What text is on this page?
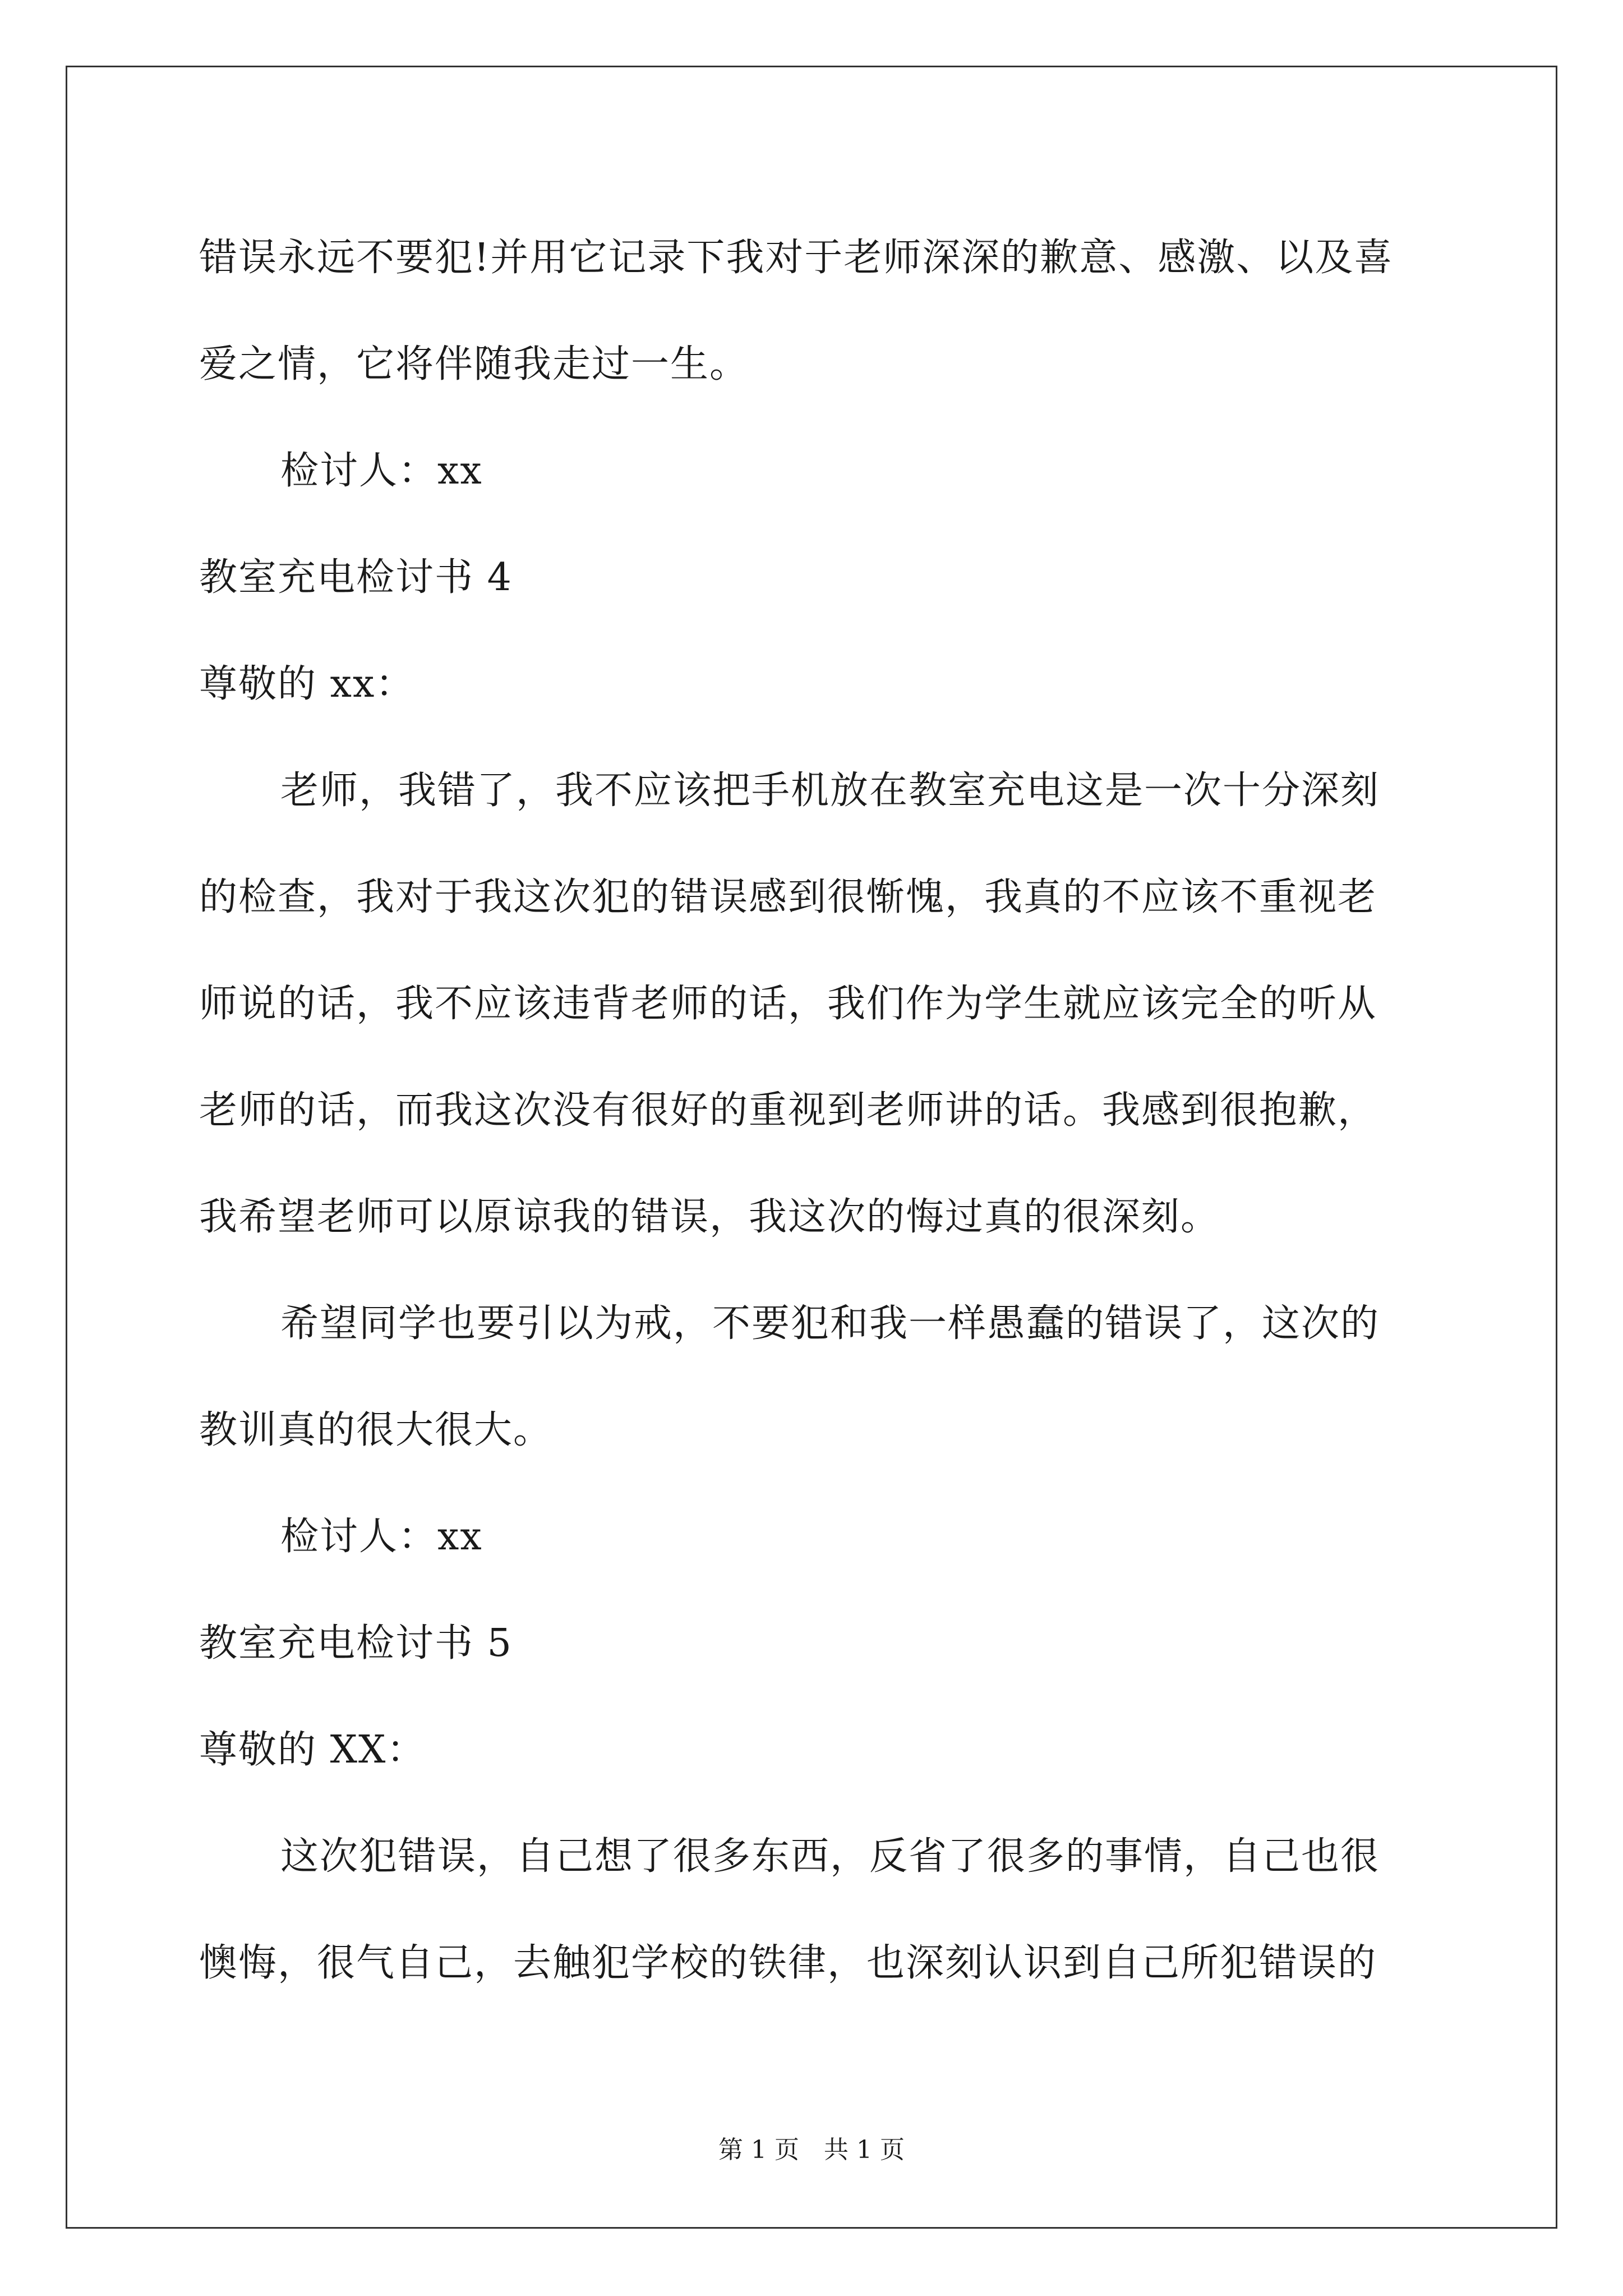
错误永远不要犯!并用它记录下我对于老师深深的歉意、感激、以及喜
爱之情，它将伴随我走过一生。
检讨人：xx
教室充电检讨书 4
尊敬的 xx：
老师，我错了，我不应该把手机放在教室充电这是一次十分深刻
的检查，我对于我这次犯的错误感到很惭愧，我真的不应该不重视老
师说的话，我不应该违背老师的话，我们作为学生就应该完全的听从
老师的话，而我这次没有很好的重视到老师讲的话。我感到很抱歉，
我希望老师可以原谅我的错误，我这次的悔过真的很深刻。
希望同学也要引以为戒，不要犯和我一样愚蠢的错误了，这次的
教训真的很大很大。
检讨人：xx
教室充电检讨书 5
尊敬的 XX：
这次犯错误，自己想了很多东西，反省了很多的事情，自己也很
懊悔，很气自己，去触犯学校的铁律，也深刻认识到自己所犯错误的
第 1 页　共 1 页
